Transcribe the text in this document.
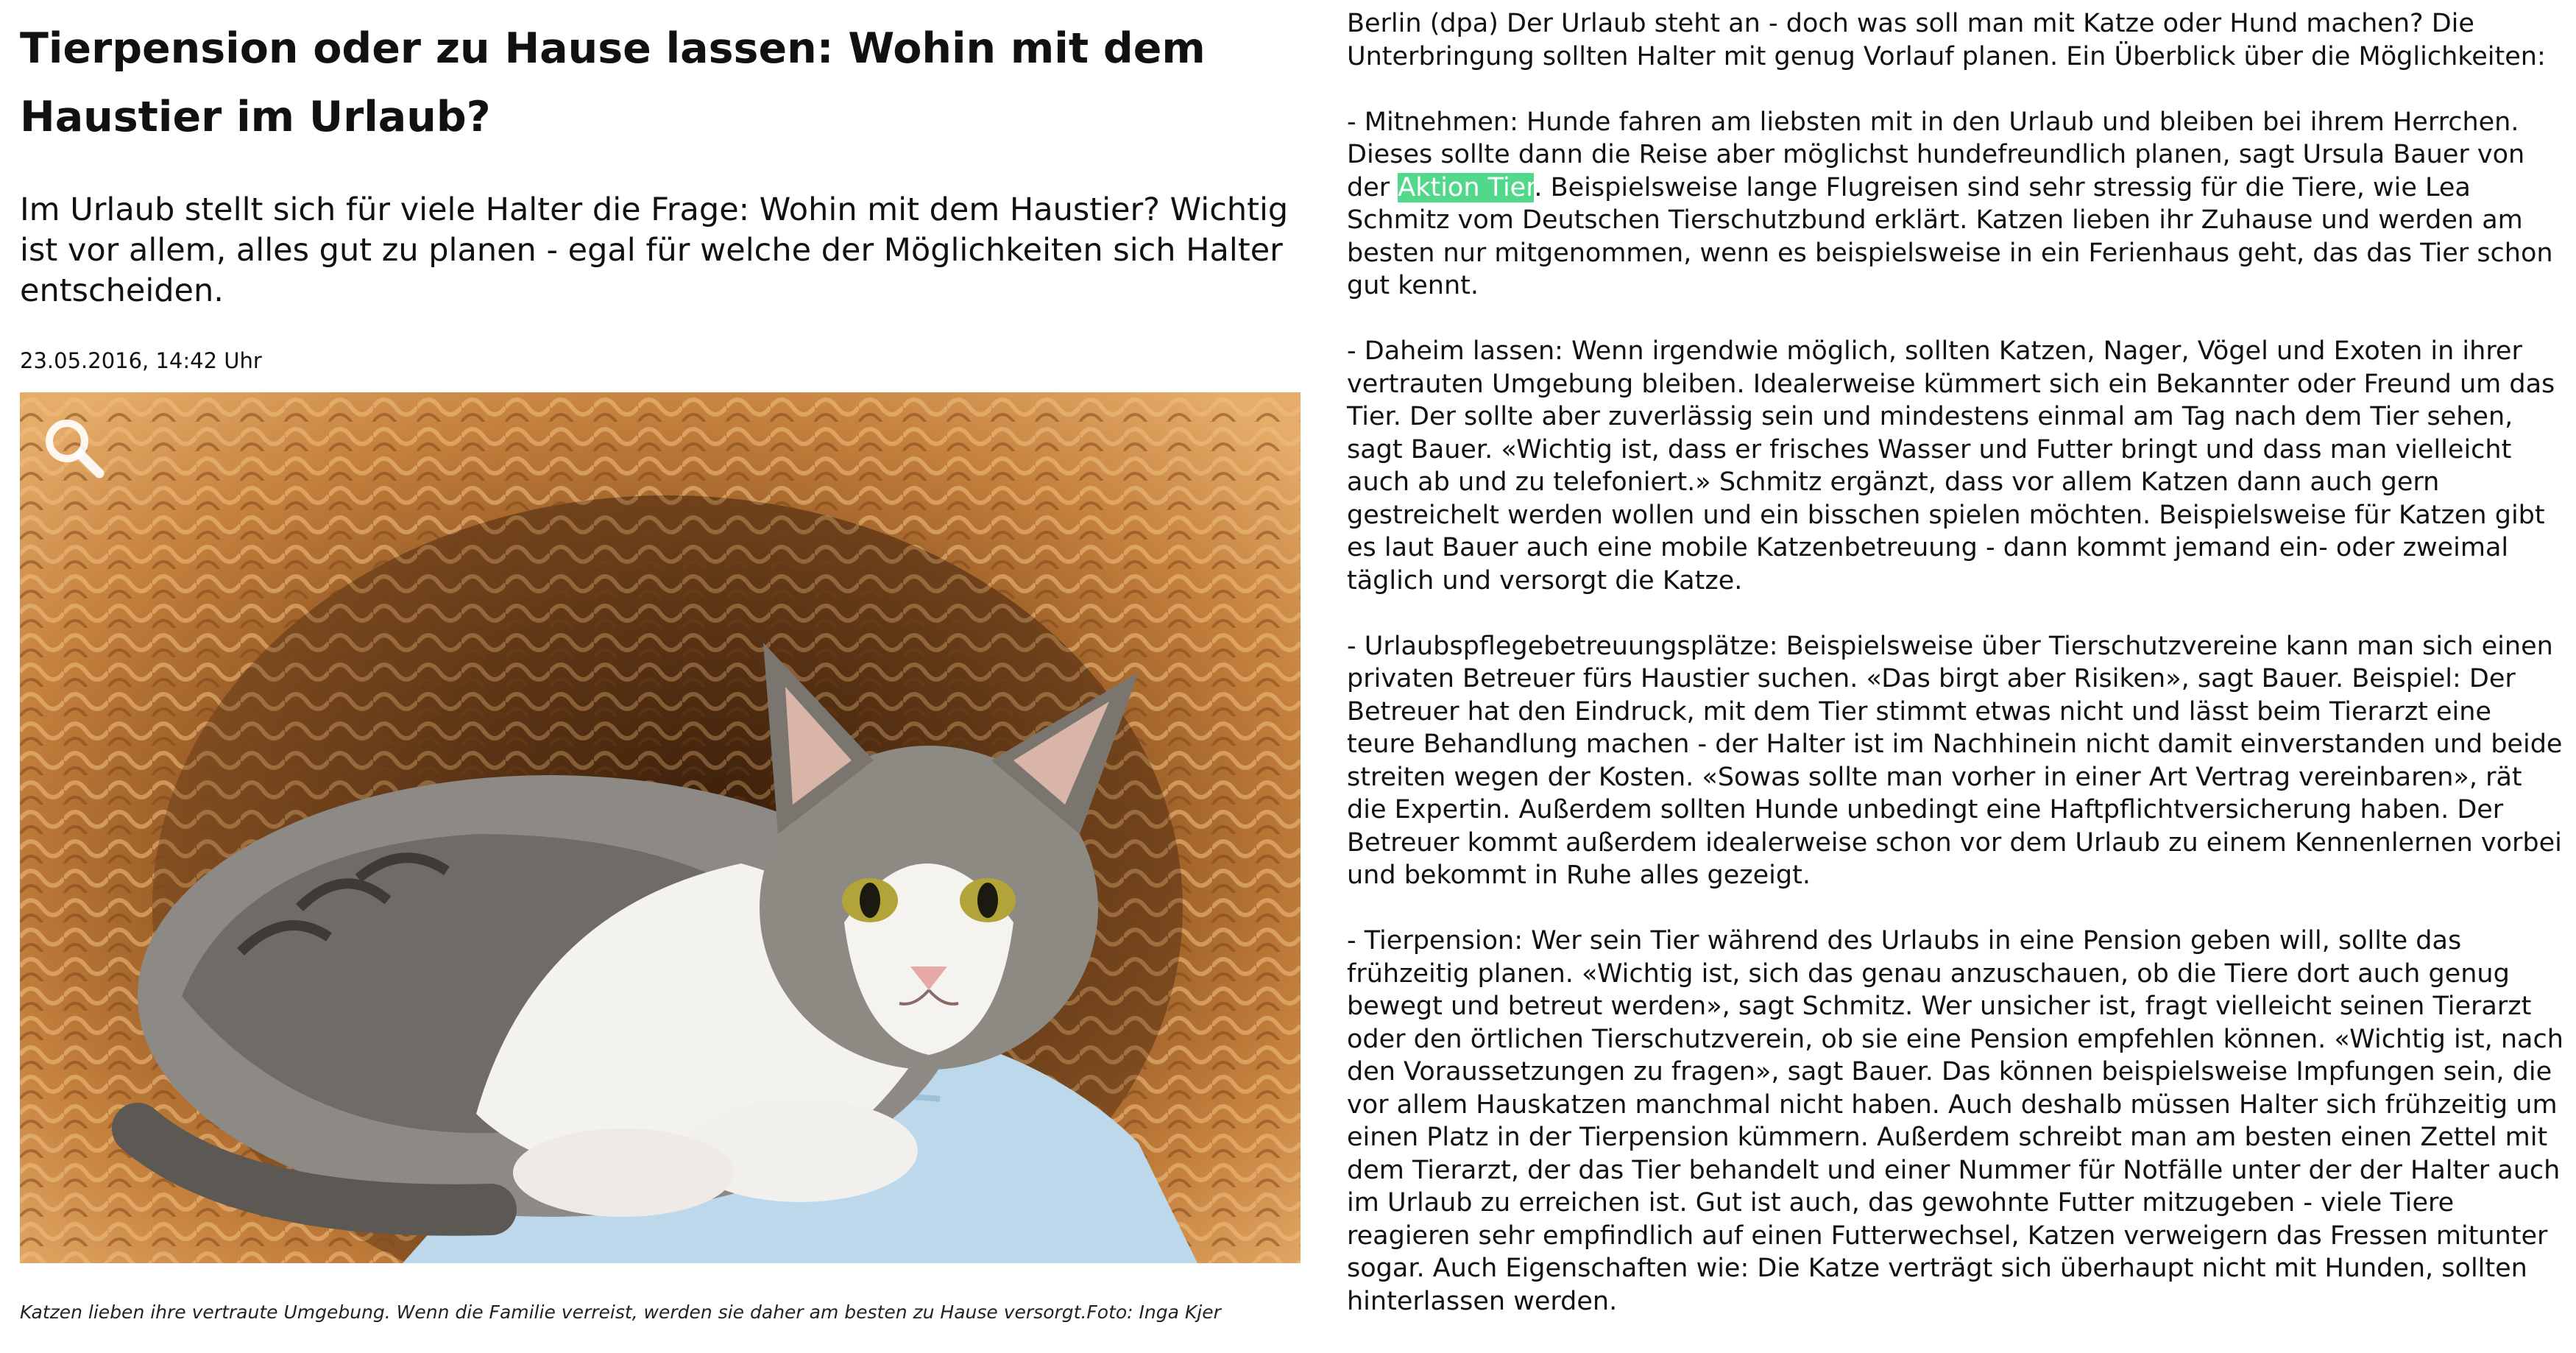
Tierpension oder zu Hause lassen: Wohin mit dem Haustier im Urlaub?

Im Urlaub stellt sich für viele Halter die Frage: Wohin mit dem Haustier? Wichtig ist vor allem, alles gut zu planen - egal für welche der Möglichkeiten sich Halter entscheiden.

23.05.2016, 14:42 Uhr
Katzen lieben ihre vertraute Umgebung. Wenn die Familie verreist, werden sie daher am besten zu Hause versorgt.Foto: Inga Kjer

Berlin (dpa) Der Urlaub steht an - doch was soll man mit Katze oder Hund machen? Die Unterbringung sollten Halter mit genug Vorlauf planen. Ein Überblick über die Möglichkeiten:

- Mitnehmen: Hunde fahren am liebsten mit in den Urlaub und bleiben bei ihrem Herrchen. Dieses sollte dann die Reise aber möglichst hundefreundlich planen, sagt Ursula Bauer von der Aktion Tier. Beispielsweise lange Flugreisen sind sehr stressig für die Tiere, wie Lea Schmitz vom Deutschen Tierschutzbund erklärt. Katzen lieben ihr Zuhause und werden am besten nur mitgenommen, wenn es beispielsweise in ein Ferienhaus geht, das das Tier schon gut kennt.

- Daheim lassen: Wenn irgendwie möglich, sollten Katzen, Nager, Vögel und Exoten in ihrer vertrauten Umgebung bleiben. Idealerweise kümmert sich ein Bekannter oder Freund um das Tier. Der sollte aber zuverlässig sein und mindestens einmal am Tag nach dem Tier sehen, sagt Bauer. «Wichtig ist, dass er frisches Wasser und Futter bringt und dass man vielleicht auch ab und zu telefoniert.» Schmitz ergänzt, dass vor allem Katzen dann auch gern gestreichelt werden wollen und ein bisschen spielen möchten. Beispielsweise für Katzen gibt es laut Bauer auch eine mobile Katzenbetreuung - dann kommt jemand ein- oder zweimal täglich und versorgt die Katze.

- Urlaubspflegebetreuungsplätze: Beispielsweise über Tierschutzvereine kann man sich einen privaten Betreuer fürs Haustier suchen. «Das birgt aber Risiken», sagt Bauer. Beispiel: Der Betreuer hat den Eindruck, mit dem Tier stimmt etwas nicht und lässt beim Tierarzt eine teure Behandlung machen - der Halter ist im Nachhinein nicht damit einverstanden und beide streiten wegen der Kosten. «Sowas sollte man vorher in einer Art Vertrag vereinbaren», rät die Expertin. Außerdem sollten Hunde unbedingt eine Haftpflichtversicherung haben. Der Betreuer kommt außerdem idealerweise schon vor dem Urlaub zu einem Kennenlernen vorbei und bekommt in Ruhe alles gezeigt.

- Tierpension: Wer sein Tier während des Urlaubs in eine Pension geben will, sollte das frühzeitig planen. «Wichtig ist, sich das genau anzuschauen, ob die Tiere dort auch genug bewegt und betreut werden», sagt Schmitz. Wer unsicher ist, fragt vielleicht seinen Tierarzt oder den örtlichen Tierschutzverein, ob sie eine Pension empfehlen können. «Wichtig ist, nach den Voraussetzungen zu fragen», sagt Bauer. Das können beispielsweise Impfungen sein, die vor allem Hauskatzen manchmal nicht haben. Auch deshalb müssen Halter sich frühzeitig um einen Platz in der Tierpension kümmern. Außerdem schreibt man am besten einen Zettel mit dem Tierarzt, der das Tier behandelt und einer Nummer für Notfälle unter der der Halter auch im Urlaub zu erreichen ist. Gut ist auch, das gewohnte Futter mitzugeben - viele Tiere reagieren sehr empfindlich auf einen Futterwechsel, Katzen verweigern das Fressen mitunter sogar. Auch Eigenschaften wie: Die Katze verträgt sich überhaupt nicht mit Hunden, sollten hinterlassen werden.
